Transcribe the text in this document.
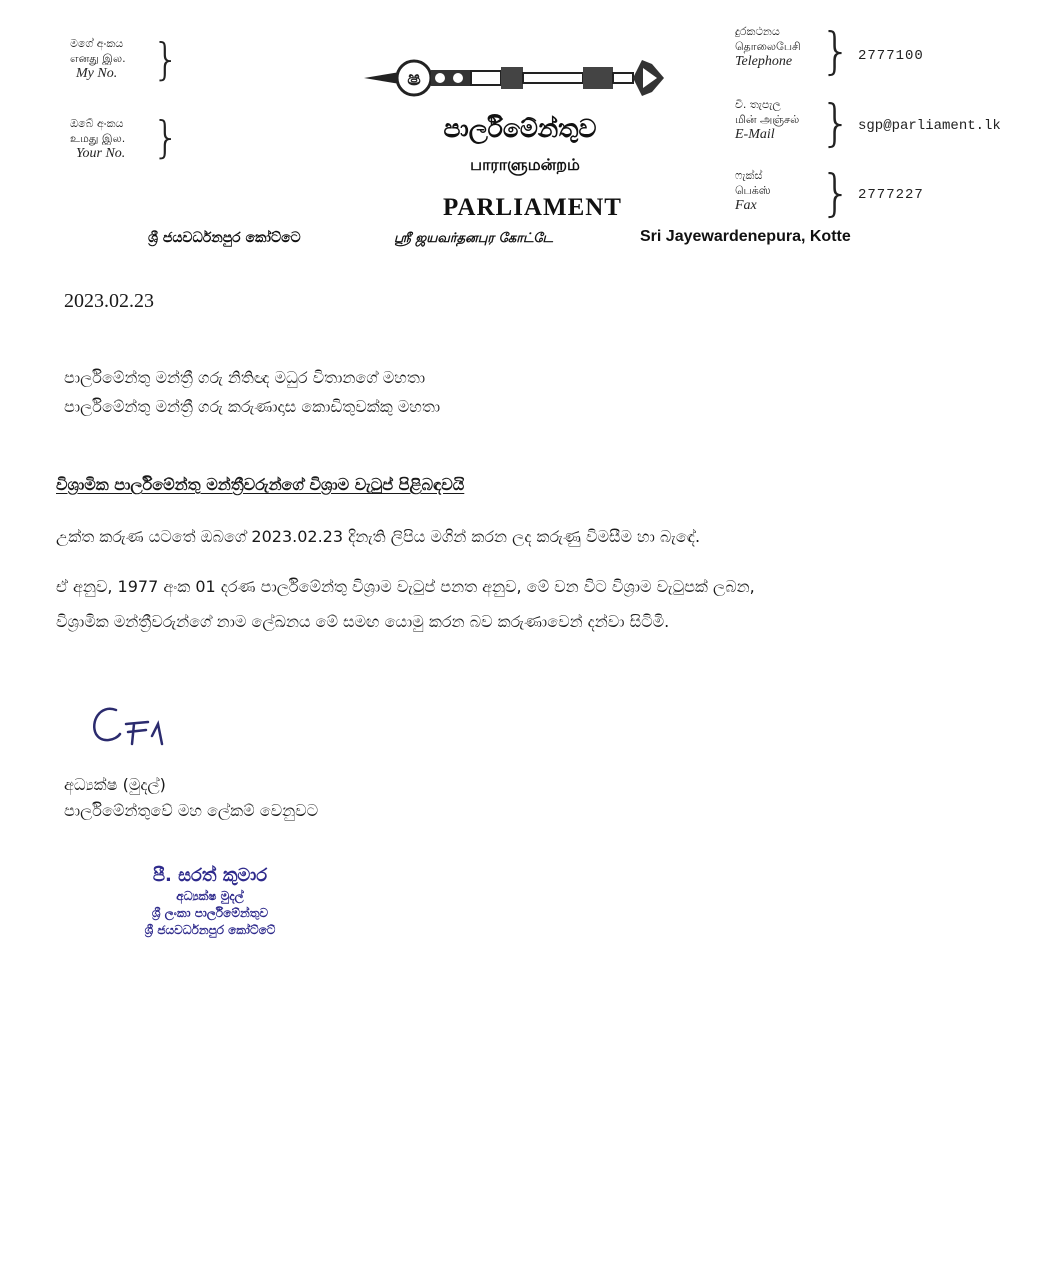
මගේ අංකය
எனது இல.
My No. }
ඔබේ අංකය
உமது இல.
Your No. }
ෂ
පාර්ලිමේන්තුව
பாராளுமன்றம்
PARLIAMENT
ශ්‍රී ජයවර්ධනපුර කෝට්ටෙ	ஸ்ரீ ஜயவர்தனபுர கோட்டே	Sri Jayewardenepura, Kotte
දුරකථනය
தொலைபேசி
Telephone } 2777100
වි. තැපැල
மின் அஞ்சல்
E-Mail } sgp@parliament.lk
ෆැක්ස්
பெக்ஸ்
Fax	} 2777227
2023.02.23
පාර්ලිමේන්තු මන්ත්‍රී ගරු නිතිඥ මධුර විතානගේ මහතා
පාර්ලිමේන්තු මන්ත්‍රී ගරු කරුණාදාස කොඩිතුවක්කු මහතා
විශ්‍රාමික පාර්ලිමේන්තු මන්ත්‍රීවරුන්ගේ විශ්‍රාම වැටුප් පිළිබඳවයි
උක්ත කරුණ යටතේ ඔබගේ 2023.02.23 දිනැති ලිපිය මගින් කරන ලද කරුණු විමසීම හා බැඳේ.
ඒ අනුව, 1977 අංක 01 දරණ පාර්ලිමේන්තු විශ්‍රාම වැටුප් පනත අනුව, මේ වන විට විශ්‍රාම වැටුපක් ලබන,
විශ්‍රාමික මන්ත්‍රීවරුන්ගේ නාම ලේඛනය මේ සමඟ යොමු කරන බව කරුණාවෙන් දන්වා සිටිමි.
අධ්‍යක්ෂ (මුදල්)
පාර්ලිමේන්තුවේ මහ ලේකම් වෙනුවට
පී. සරත් කුමාර
අධ්‍යක්ෂ මුදල්
ශ්‍රී ලංකා පාර්ලිමේන්තුව
ශ්‍රී ජයවර්ධනපුර කෝට්ටේ
